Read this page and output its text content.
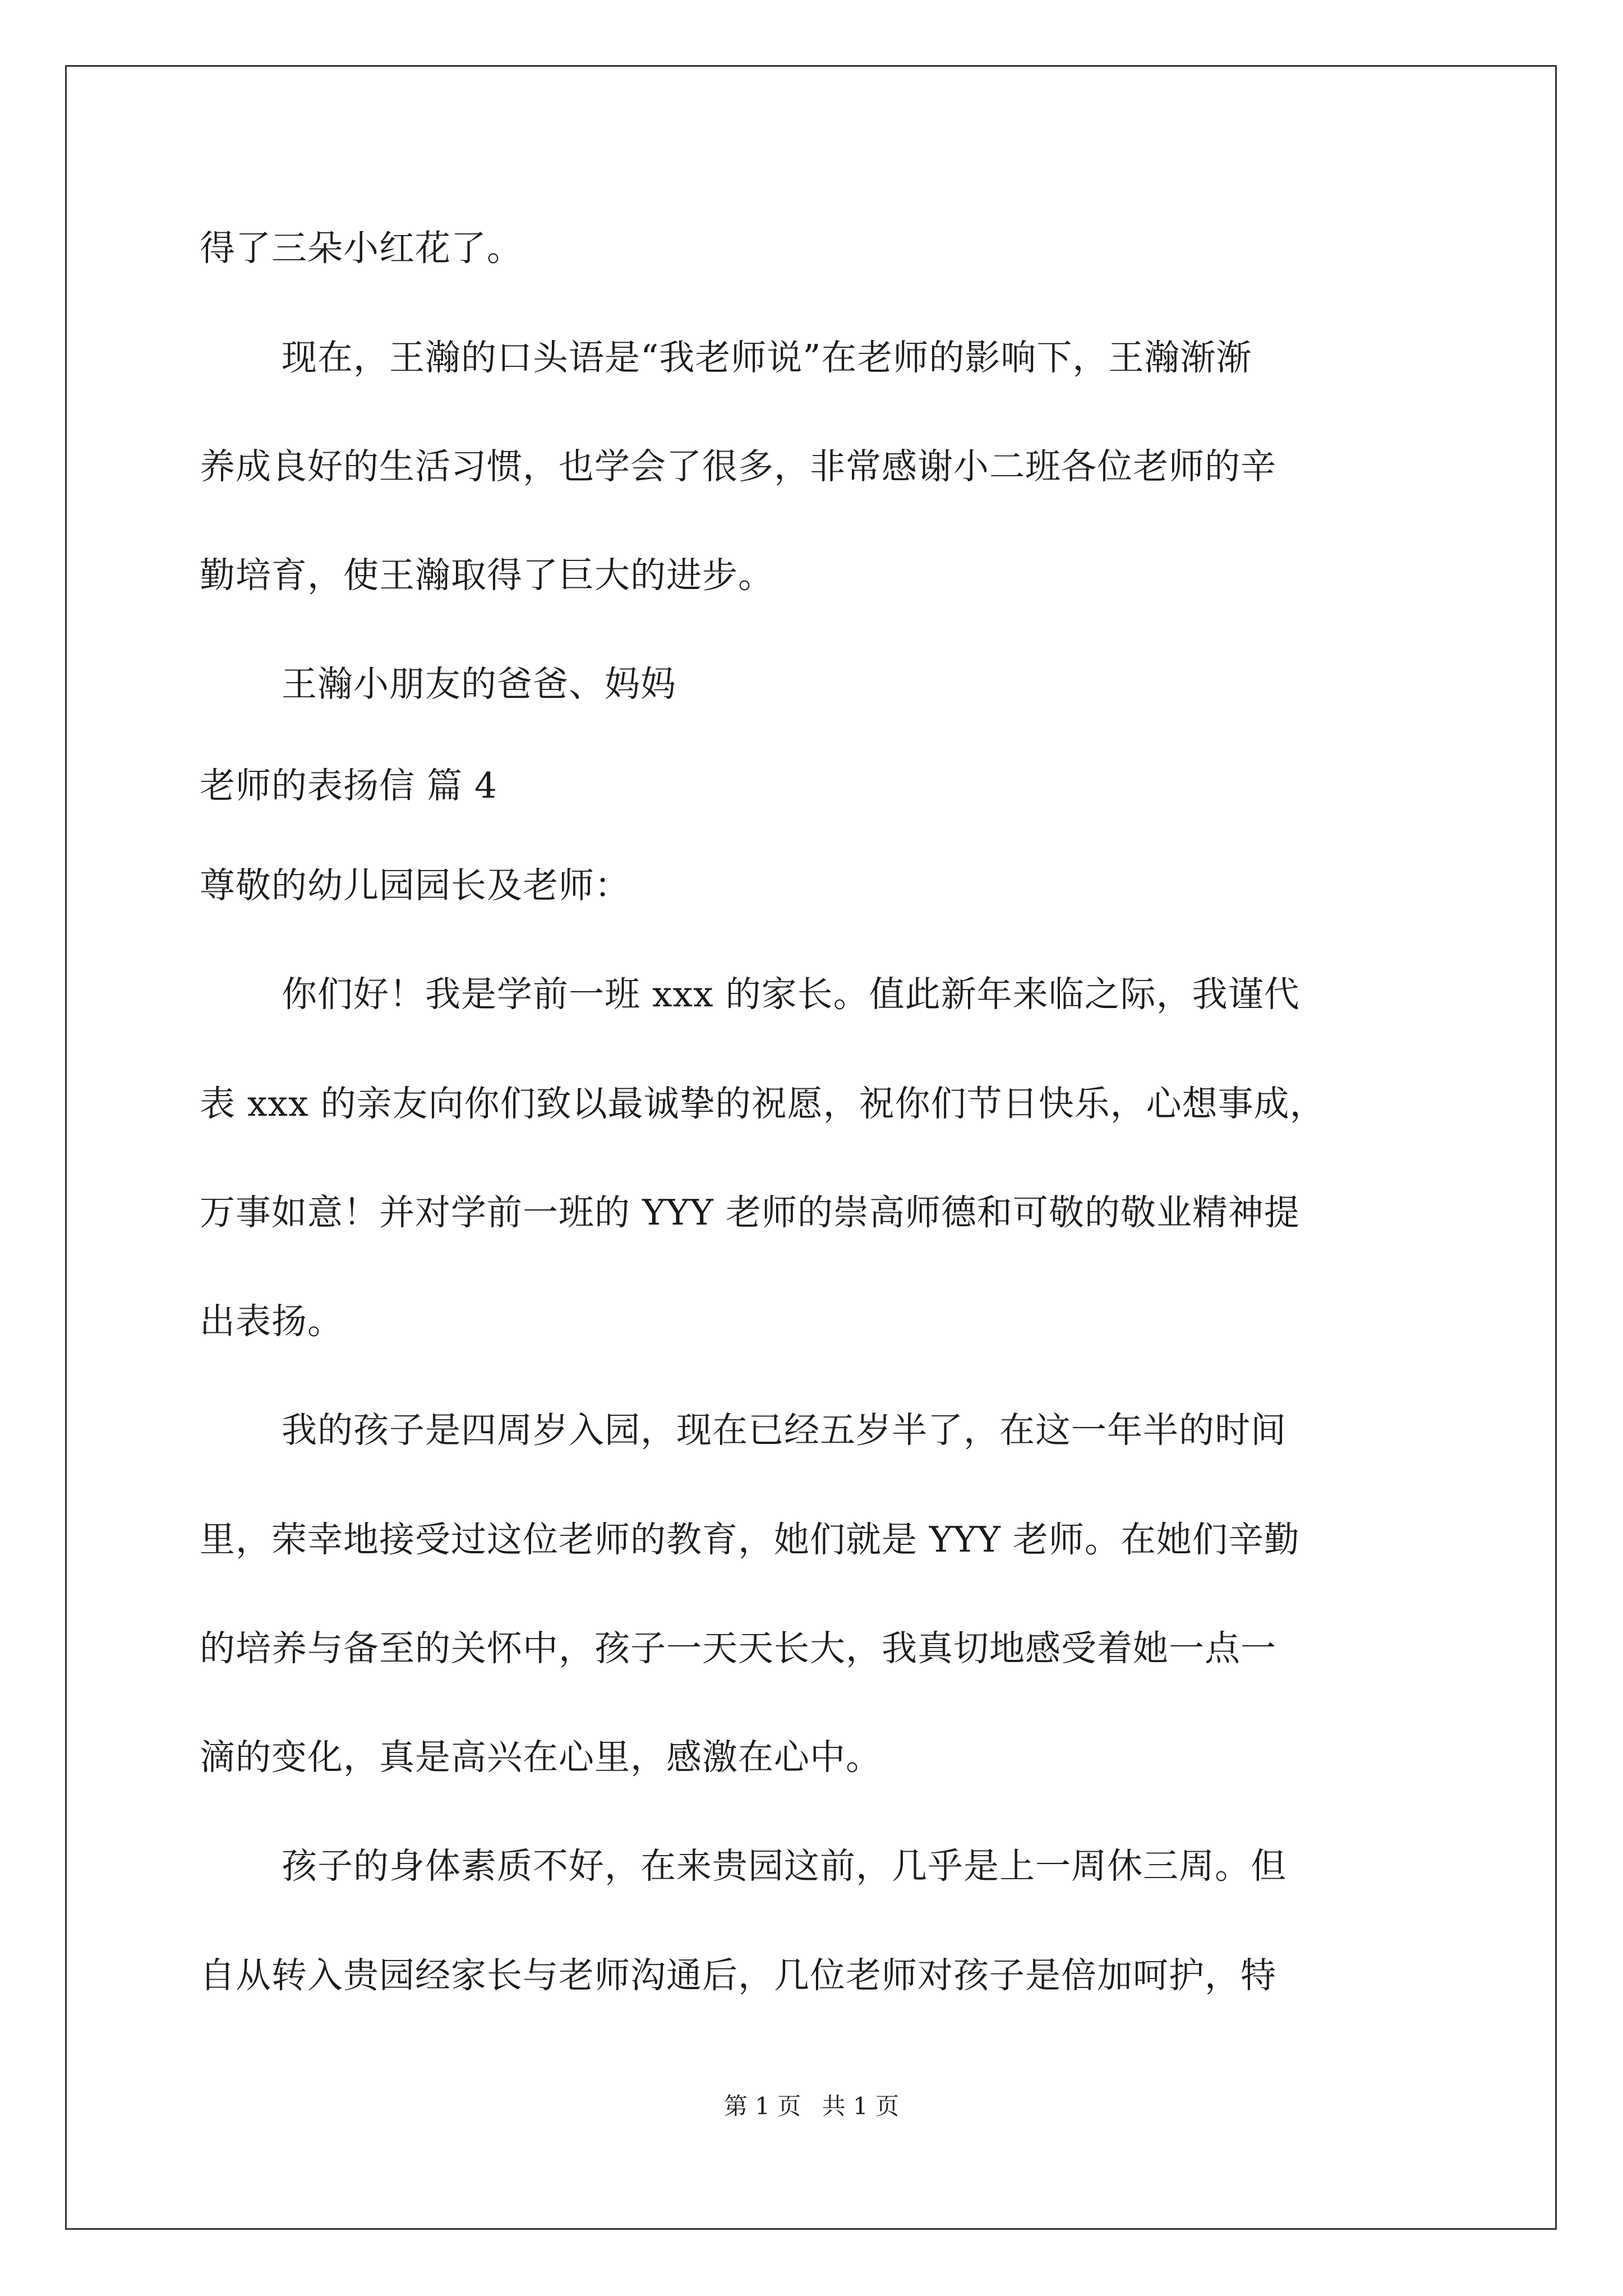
得了三朵小红花了。
现在，王瀚的口头语是“我老师说”在老师的影响下，王瀚渐渐
养成良好的生活习惯，也学会了很多，非常感谢小二班各位老师的辛
勤培育，使王瀚取得了巨大的进步。
王瀚小朋友的爸爸、妈妈
老师的表扬信 篇 4
尊敬的幼儿园园长及老师：
你们好！我是学前一班 xxx 的家长。值此新年来临之际，我谨代
表 xxx 的亲友向你们致以最诚挚的祝愿，祝你们节日快乐，心想事成，
万事如意！并对学前一班的 YYY 老师的崇高师德和可敬的敬业精神提
出表扬。
我的孩子是四周岁入园，现在已经五岁半了，在这一年半的时间
里，荣幸地接受过这位老师的教育，她们就是 YYY 老师。在她们辛勤
的培养与备至的关怀中，孩子一天天长大，我真切地感受着她一点一
滴的变化，真是高兴在心里，感激在心中。
孩子的身体素质不好，在来贵园这前，几乎是上一周休三周。但
自从转入贵园经家长与老师沟通后，几位老师对孩子是倍加呵护，特
第 1 页 共 1 页
